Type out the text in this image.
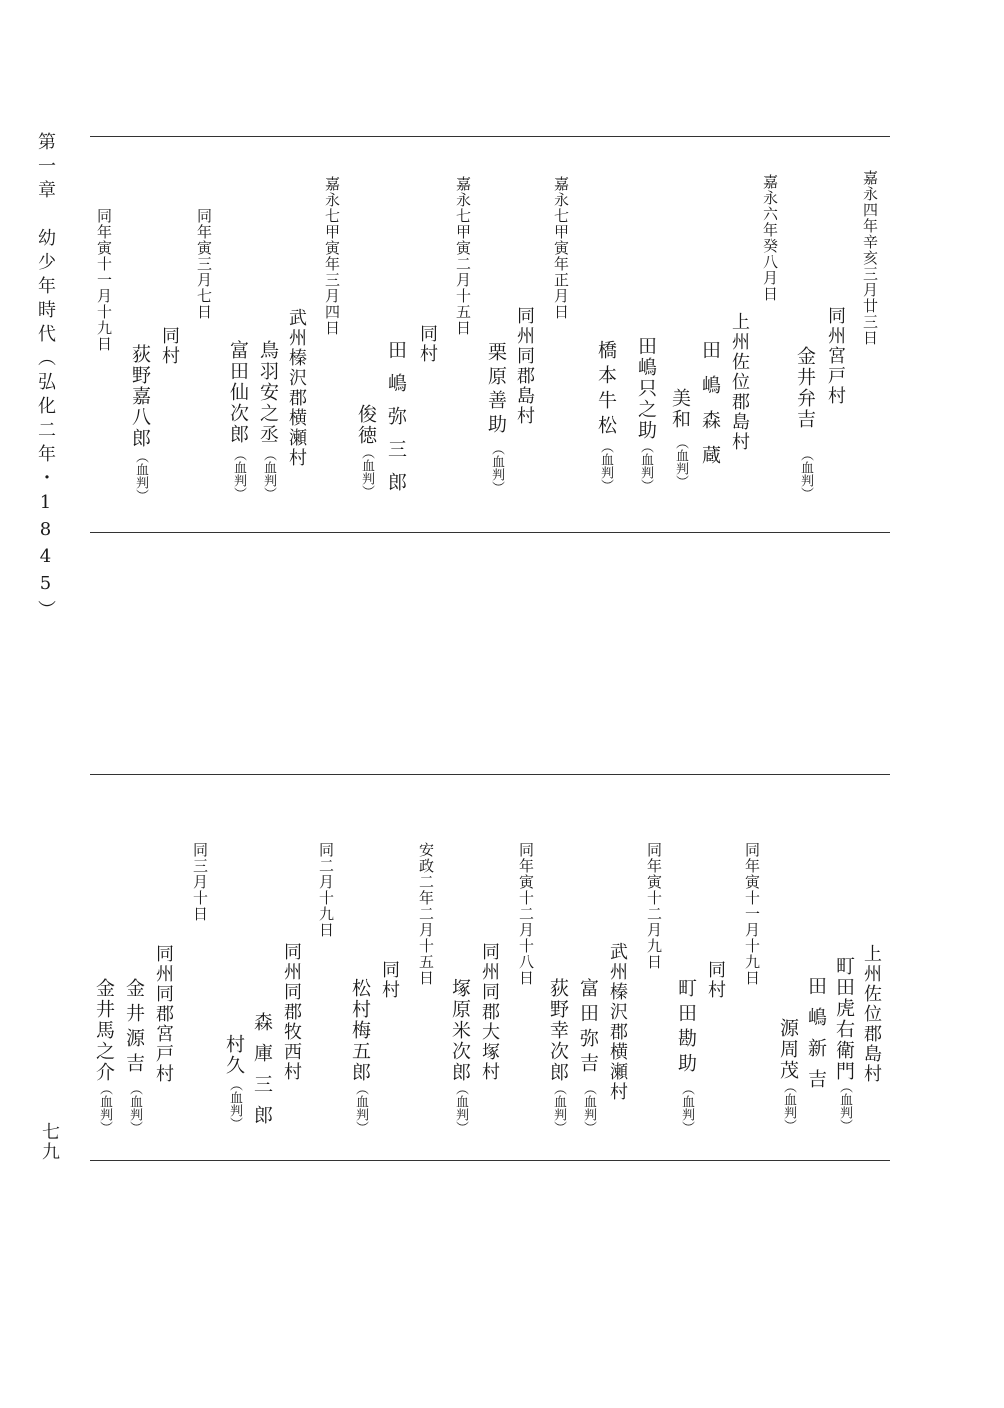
第一章　幼少年時代（弘化二年・1845）
七九
嘉永四年辛亥三月廿三日
同州宮戸村
金井弁吉
（血判）
嘉永六年癸八月日
上州佐位郡島村
田嶋森蔵
美和
（血判）
田嶋只之助
（血判）
橋本牛松
（血判）
嘉永七甲寅年正月日
同州同郡島村
栗原善助
（血判）
嘉永七甲寅二月十五日
同村
田嶋弥三郎
俊徳
（血判）
嘉永七甲寅年三月四日
武州榛沢郡横瀬村
鳥羽安之丞
（血判）
富田仙次郎
（血判）
同年寅三月七日
同年寅十一月十九日	同村
荻野嘉八郎
（血判）
上州佐位郡島村
町田虎右衛門
（血判）
田嶋新吉
源周茂
（血判）
同年寅十一月十九日
同村
町田勘助
（血判）
同年寅十二月九日
武州榛沢郡横瀬村
富田弥吉
（血判）
荻野幸次郎
（血判）
同年寅十二月十八日
同州同郡大塚村
塚原米次郎
（血判）
安政二年二月十五日
同村
松村梅五郎
（血判）
同二月十九日
同州同郡牧西村
森庫三郎
村久
（血判）
同三月十日
同州同郡宮戸村
金井源吉
（血判）
金井馬之介
（血判）
